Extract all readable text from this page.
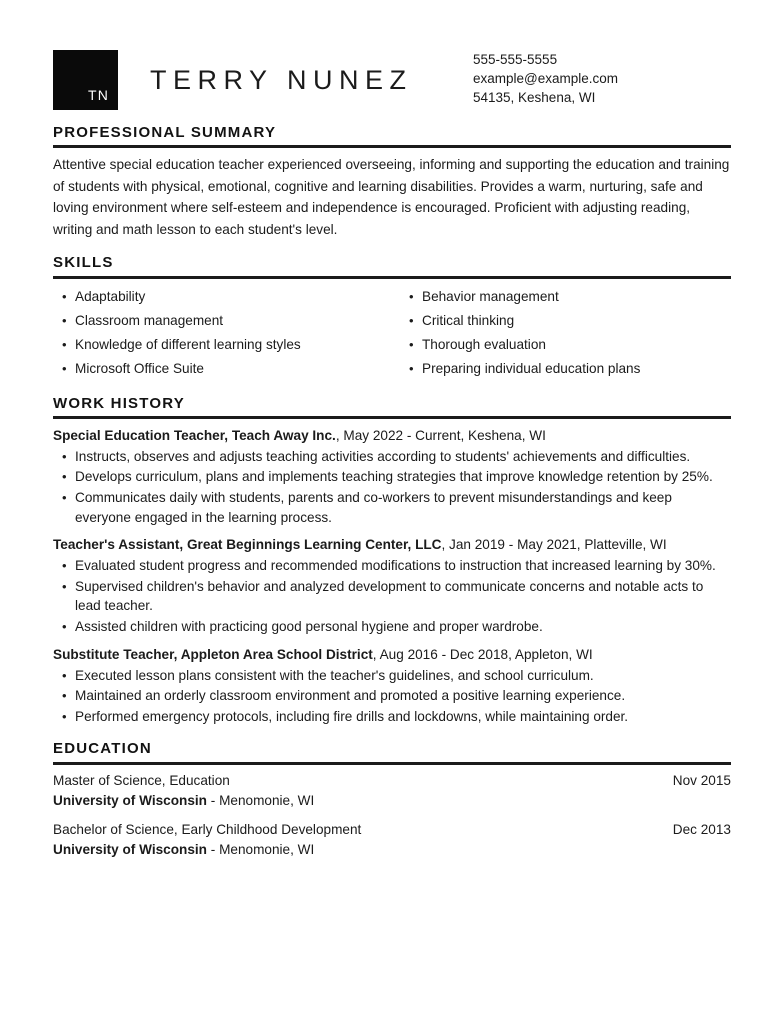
TN
TERRY NUNEZ
555-555-5555
example@example.com
54135, Keshena, WI
PROFESSIONAL SUMMARY
Attentive special education teacher experienced overseeing, informing and supporting the education and training of students with physical, emotional, cognitive and learning disabilities. Provides a warm, nurturing, safe and loving environment where self-esteem and independence is encouraged. Proficient with adjusting reading, writing and math lesson to each student's level.
SKILLS
• Adaptability
• Classroom management
• Knowledge of different learning styles
• Microsoft Office Suite
• Behavior management
• Critical thinking
• Thorough evaluation
• Preparing individual education plans
WORK HISTORY
Special Education Teacher, Teach Away Inc., May 2022 - Current, Keshena, WI
• Instructs, observes and adjusts teaching activities according to students' achievements and difficulties.
• Develops curriculum, plans and implements teaching strategies that improve knowledge retention by 25%.
• Communicates daily with students, parents and co-workers to prevent misunderstandings and keep everyone engaged in the learning process.
Teacher's Assistant, Great Beginnings Learning Center, LLC, Jan 2019 - May 2021, Platteville, WI
• Evaluated student progress and recommended modifications to instruction that increased learning by 30%.
• Supervised children's behavior and analyzed development to communicate concerns and notable acts to lead teacher.
• Assisted children with practicing good personal hygiene and proper wardrobe.
Substitute Teacher, Appleton Area School District, Aug 2016 - Dec 2018, Appleton, WI
• Executed lesson plans consistent with the teacher's guidelines, and school curriculum.
• Maintained an orderly classroom environment and promoted a positive learning experience.
• Performed emergency protocols, including fire drills and lockdowns, while maintaining order.
EDUCATION
Master of Science, Education	Nov 2015
University of Wisconsin - Menomonie, WI
Bachelor of Science, Early Childhood Development	Dec 2013
University of Wisconsin - Menomonie, WI
